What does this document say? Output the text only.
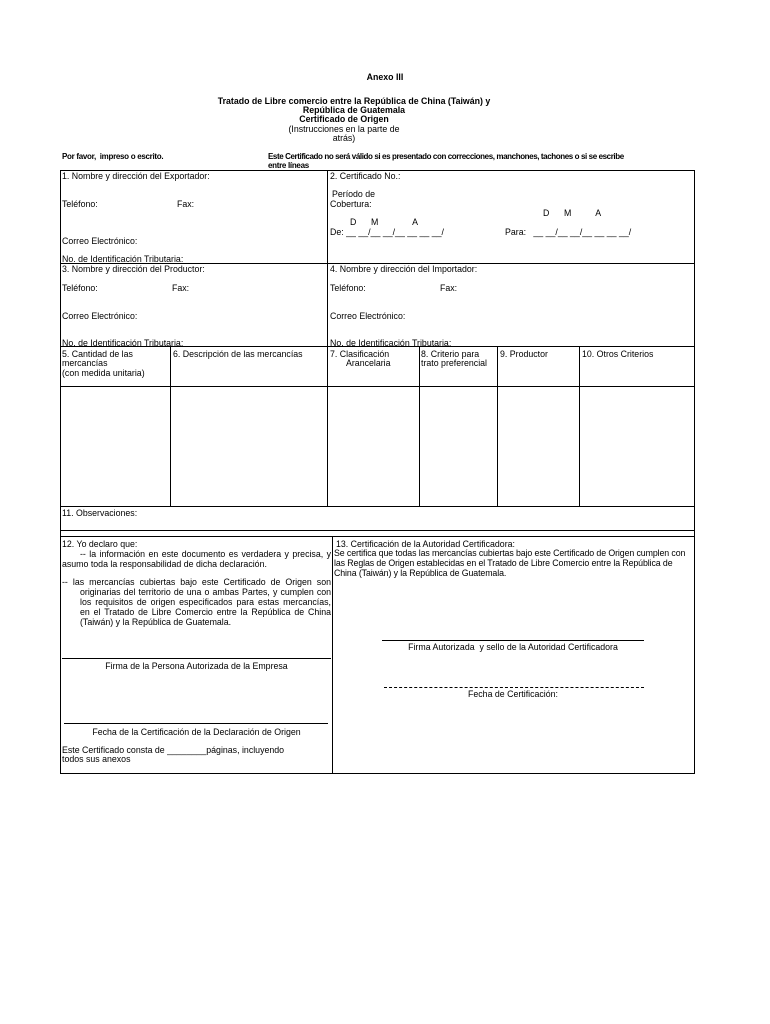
Anexo III
Tratado de Libre comercio entre la República de China (Taiwán) y
República de Guatemala
Certificado de Origen
(Instrucciones en la parte de
atrás)
Por favor,  impreso o escrito.	Este Certificado no será válido si es presentado con correcciones, manchones, tachones o si se escribe
entre líneas
1. Nombre y dirección del Exportador:
Teléfono:	Fax:
Correo Electrónico:
No. de Identificación Tributaria:
2. Certificado No.:
Período de
Cobertura:
D      M          A
D      M              A
De: __ __/__ __/__ __ __ __/	Para:   __ __/__ __/__ __ __ __/
3. Nombre y dirección del Productor:
Teléfono:	Fax:
Correo Electrónico:
No. de Identificación Tributaria:
4. Nombre y dirección del Importador:
Teléfono:	Fax:
Correo Electrónico:
No. de Identificación Tributaria:
5. Cantidad de las
mercancías
(con medida unitaria)
6. Descripción de las mercancías	7. Clasificación
Arancelaria
8. Criterio para
trato preferencial
9. Productor	10. Otros Criterios
11. Observaciones:
12. Yo declaro que:
-- la información en este documento es verdadera y precisa, y asumo toda la responsabilidad de dicha declaración.
-- las mercancías cubiertas bajo este Certificado de Origen son originarias del territorio de una o ambas Partes, y cumplen con los requisitos de origen especificados para estas mercancías, en el Tratado de Libre Comercio entre la República de China (Taiwán) y la República de Guatemala.
Firma de la Persona Autorizada de la Empresa
Fecha de la Certificación de la Declaración de Origen
Este Certificado consta de ________páginas, incluyendo
todos sus anexos
13. Certificación de la Autoridad Certificadora:
Se certifica que todas las mercancías cubiertas bajo este Certificado de Origen cumplen con las Reglas de Origen establecidas en el Tratado de Libre Comercio entre la República de China (Taiwán) y la República de Guatemala.
Firma Autorizada  y sello de la Autoridad Certificadora
Fecha de Certificación:
